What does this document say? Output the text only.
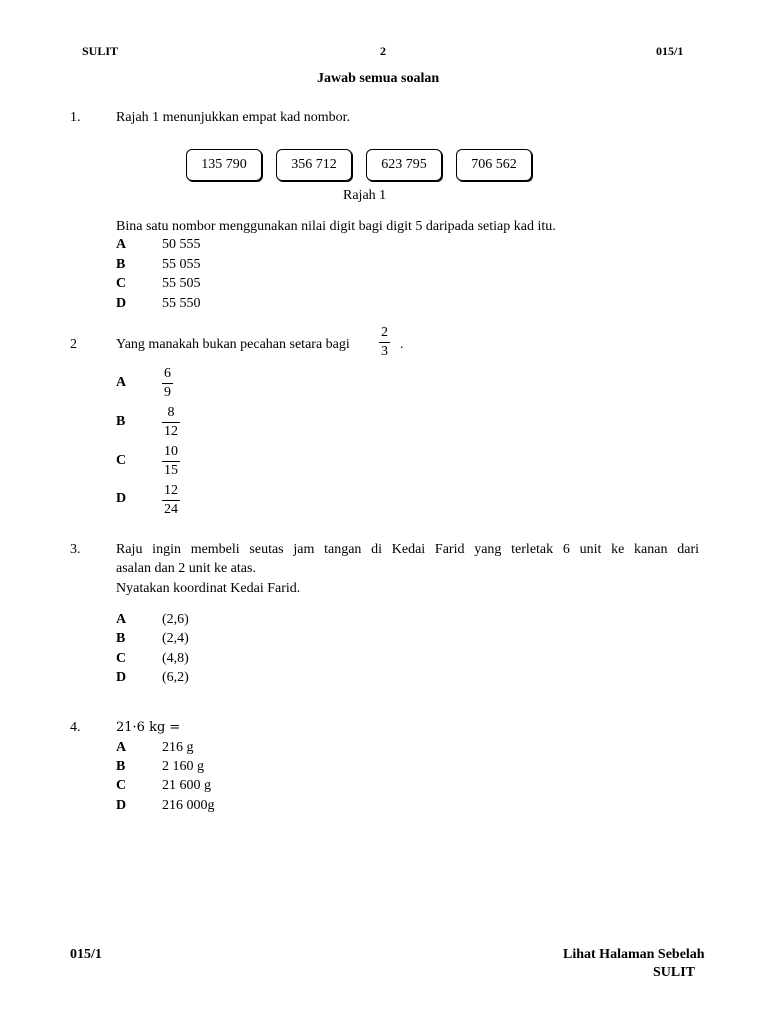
SULIT	2	015/1
Jawab semua soalan
1.	Rajah 1 menunjukkan empat kad nombor.
135 790	356 712	623 795	706 562
Rajah 1
Bina satu nombor menggunakan nilai digit bagi digit 5 daripada setiap kad itu.
A	50 555
B	55 055
C	55 505
D	55 550
2	Yang manakah bukan pecahan setara bagi $\frac{2}{3}$ .
A	$\frac{6}{9}$
B	$\frac{8}{12}$
C	$\frac{10}{15}$
D	$\frac{12}{24}$
3.	Raju ingin membeli seutas jam tangan di Kedai Farid yang terletak 6 unit ke kanan dari
asalan dan 2 unit ke atas.
Nyatakan koordinat Kedai Farid.
A	(2,6)
B	(2,4)
C	(4,8)
D	(6,2)
4.	21·6 kg =
A	216 g
B	2 160 g
C	21 600 g
D	216 000g
015/1	Lihat Halaman Sebelah
SULIT
